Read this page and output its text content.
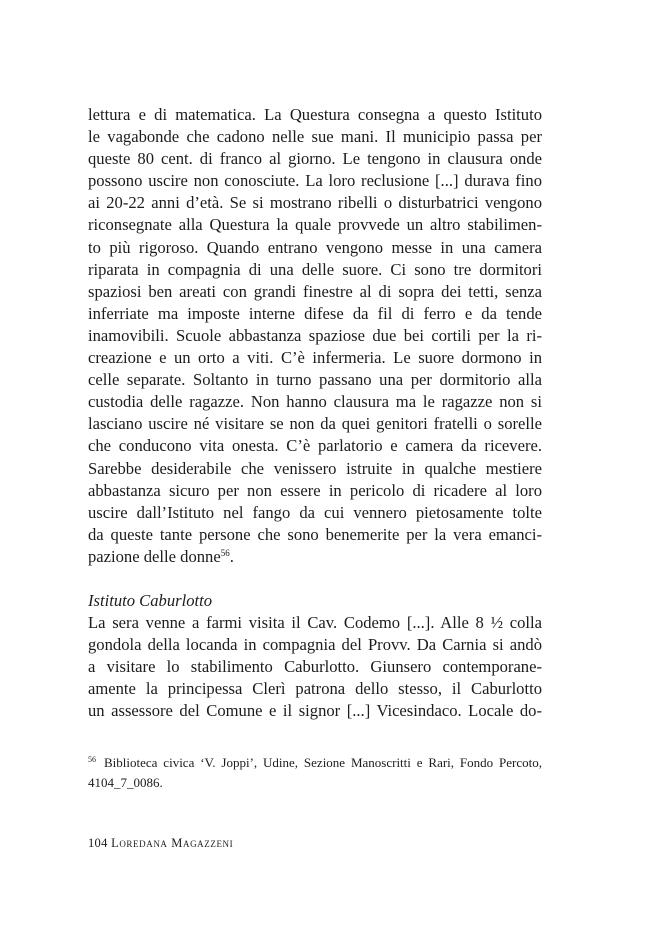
lettura e di matematica. La Questura consegna a questo Istituto
le vagabonde che cadono nelle sue mani. Il municipio passa per
queste 80 cent. di franco al giorno. Le tengono in clausura onde
possono uscire non conosciute. La loro reclusione [...] durava fino
ai 20-22 anni d’età. Se si mostrano ribelli o disturbatrici vengono
riconsegnate alla Questura la quale provvede un altro stabilimen-
to più rigoroso. Quando entrano vengono messe in una camera
riparata in compagnia di una delle suore. Ci sono tre dormitori
spaziosi ben areati con grandi finestre al di sopra dei tetti, senza
inferriate ma imposte interne difese da fil di ferro e da tende
inamovibili. Scuole abbastanza spaziose due bei cortili per la ri-
creazione e un orto a viti. C’è infermeria. Le suore dormono in
celle separate. Soltanto in turno passano una per dormitorio alla
custodia delle ragazze. Non hanno clausura ma le ragazze non si
lasciano uscire né visitare se non da quei genitori fratelli o sorelle
che conducono vita onesta. C’è parlatorio e camera da ricevere.
Sarebbe desiderabile che venissero istruite in qualche mestiere
abbastanza sicuro per non essere in pericolo di ricadere al loro
uscire dall’Istituto nel fango da cui vennero pietosamente tolte
da queste tante persone che sono benemerite per la vera emanci-
pazione delle donne$^{56}$.
Istituto Caburlotto
La sera venne a farmi visita il Cav. Codemo [...]. Alle 8 ½ colla
gondola della locanda in compagnia del Provv. Da Carnia si andò
a visitare lo stabilimento Caburlotto. Giunsero contemporane-
amente la principessa Clerì patrona dello stesso, il Caburlotto
un assessore del Comune e il signor [...] Vicesindaco. Locale do-
$^{56}$ Biblioteca civica ‘V. Joppi’, Udine, Sezione Manoscritti e Rari, Fondo Percoto,
4104_7_0086.
104 Loredana Magazzeni
